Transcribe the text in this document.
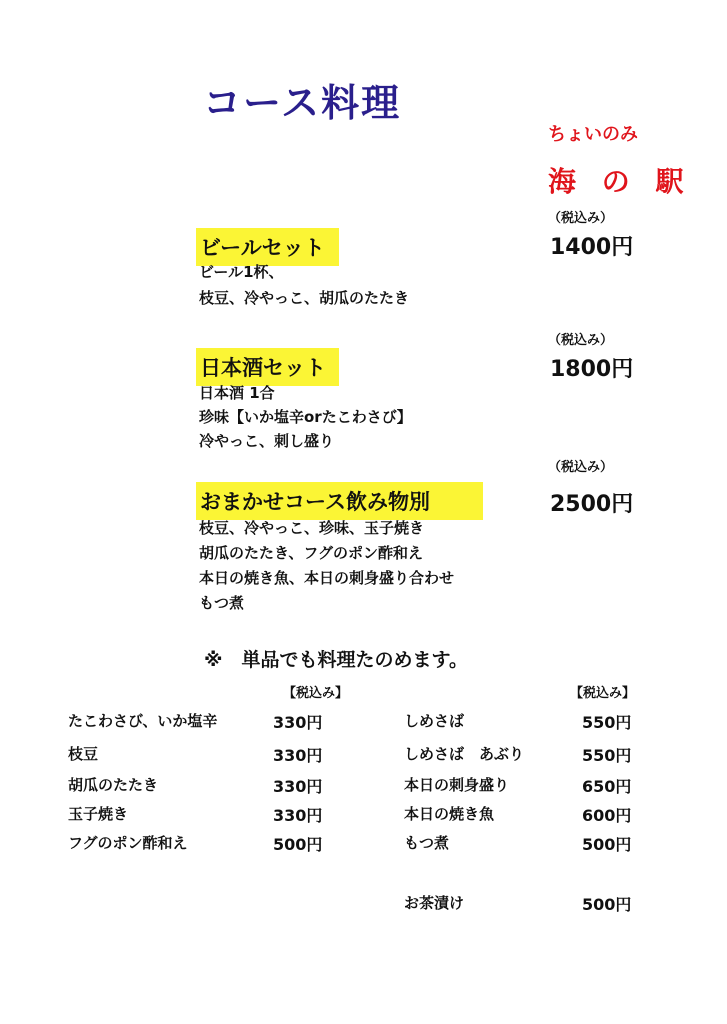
コース料理
ちょいのみ
海 の 駅
（税込み）
ビールセット	1400円
ビール1杯、
枝豆、冷やっこ、胡瓜のたたき
（税込み）
日本酒セット	1800円
日本酒 1合
珍味【いか塩辛orたこわさび】
冷やっこ、刺し盛り
（税込み）
おまかせコース飲み物別	2500円
枝豆、冷やっこ、珍味、玉子焼き
胡瓜のたたき、フグのポン酢和え
本日の焼き魚、本日の刺身盛り合わせ
もつ煮
※　単品でも料理たのめます。
【税込み】	【税込み】
たこわさび、いか塩辛	330円
枝豆	330円
胡瓜のたたき	330円
玉子焼き	330円
フグのポン酢和え	500円
しめさば	550円
しめさば　あぶり	550円
本日の刺身盛り	650円
本日の焼き魚	600円
もつ煮	500円
お茶漬け	500円
